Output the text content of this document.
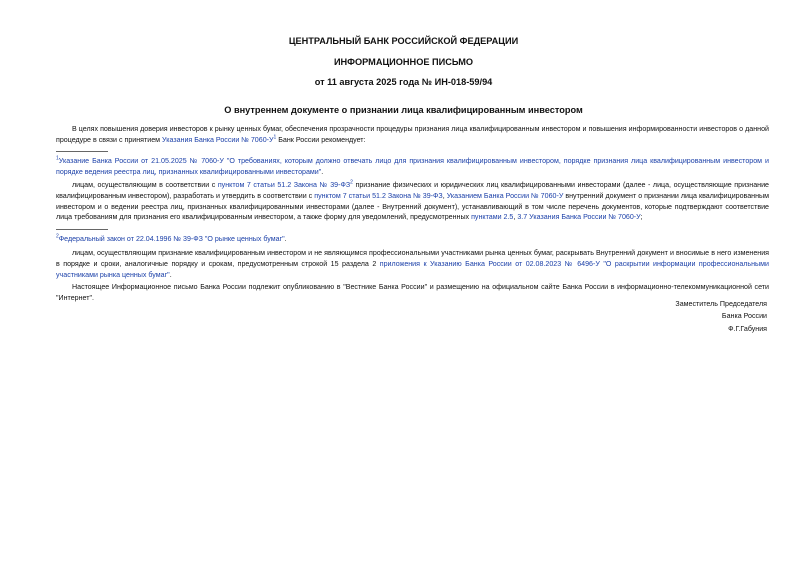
ЦЕНТРАЛЬНЫЙ БАНК РОССИЙСКОЙ ФЕДЕРАЦИИ
ИНФОРМАЦИОННОЕ ПИСЬМО
от 11 августа 2025 года № ИН-018-59/94
О внутреннем документе о признании лица квалифицированным инвестором

В целях повышения доверия инвесторов к рынку ценных бумаг, обеспечения прозрачности процедуры признания лица квалифицированным инвестором и повышения информированности инвесторов о данной процедуре в связи с принятием Указания Банка России № $7060-У^1$ Банк России рекомендует:

$^1$Указание Банка России от 21.05.2025 № 7060-У "О требованиях, которым должно отвечать лицо для признания квалифицированным инвестором, порядке признания лица квалифицированным инвестором и порядке ведения реестра лиц, признанных квалифицированными инвесторами".

лицам, осуществляющим в соответствии с пунктом 7 статьи 51.2 Закона № $39-ФЗ^2$ признание физических и юридических лиц квалифицированными инвесторами (далее - лица, осуществляющие признание квалифицированным инвестором), разработать и утвердить в соответствии с пунктом 7 статьи 51.2 Закона № 39-ФЗ, Указанием Банка России № 7060-У внутренний документ о признании лица квалифицированным инвестором и о ведении реестра лиц, признанных квалифицированными инвесторами (далее - Внутренний документ), устанавливающий в том числе перечень документов, которые подтверждают соответствие лица требованиям для признания его квалифицированным инвестором, а также форму для уведомлений, предусмотренных пунктами 2.5, 3.7 Указания Банка России № 7060-У;

$^2$Федеральный закон от 22.04.1996 № 39-ФЗ "О рынке ценных бумаг".

лицам, осуществляющим признание квалифицированным инвестором и не являющимся профессиональными участниками рынка ценных бумаг, раскрывать Внутренний документ и вносимые в него изменения в порядке и сроки, аналогичные порядку и срокам, предусмотренным строкой 15 раздела 2 приложения к Указанию Банка России от 02.08.2023 № 6496-У "О раскрытии информации профессиональными участниками рынка ценных бумаг".

Настоящее Информационное письмо Банка России подлежит опубликованию в "Вестнике Банка России" и размещению на официальном сайте Банка России в информационно-телекоммуникационной сети "Интернет".

Заместитель Председателя
Банка России
Ф.Г.Габуния
